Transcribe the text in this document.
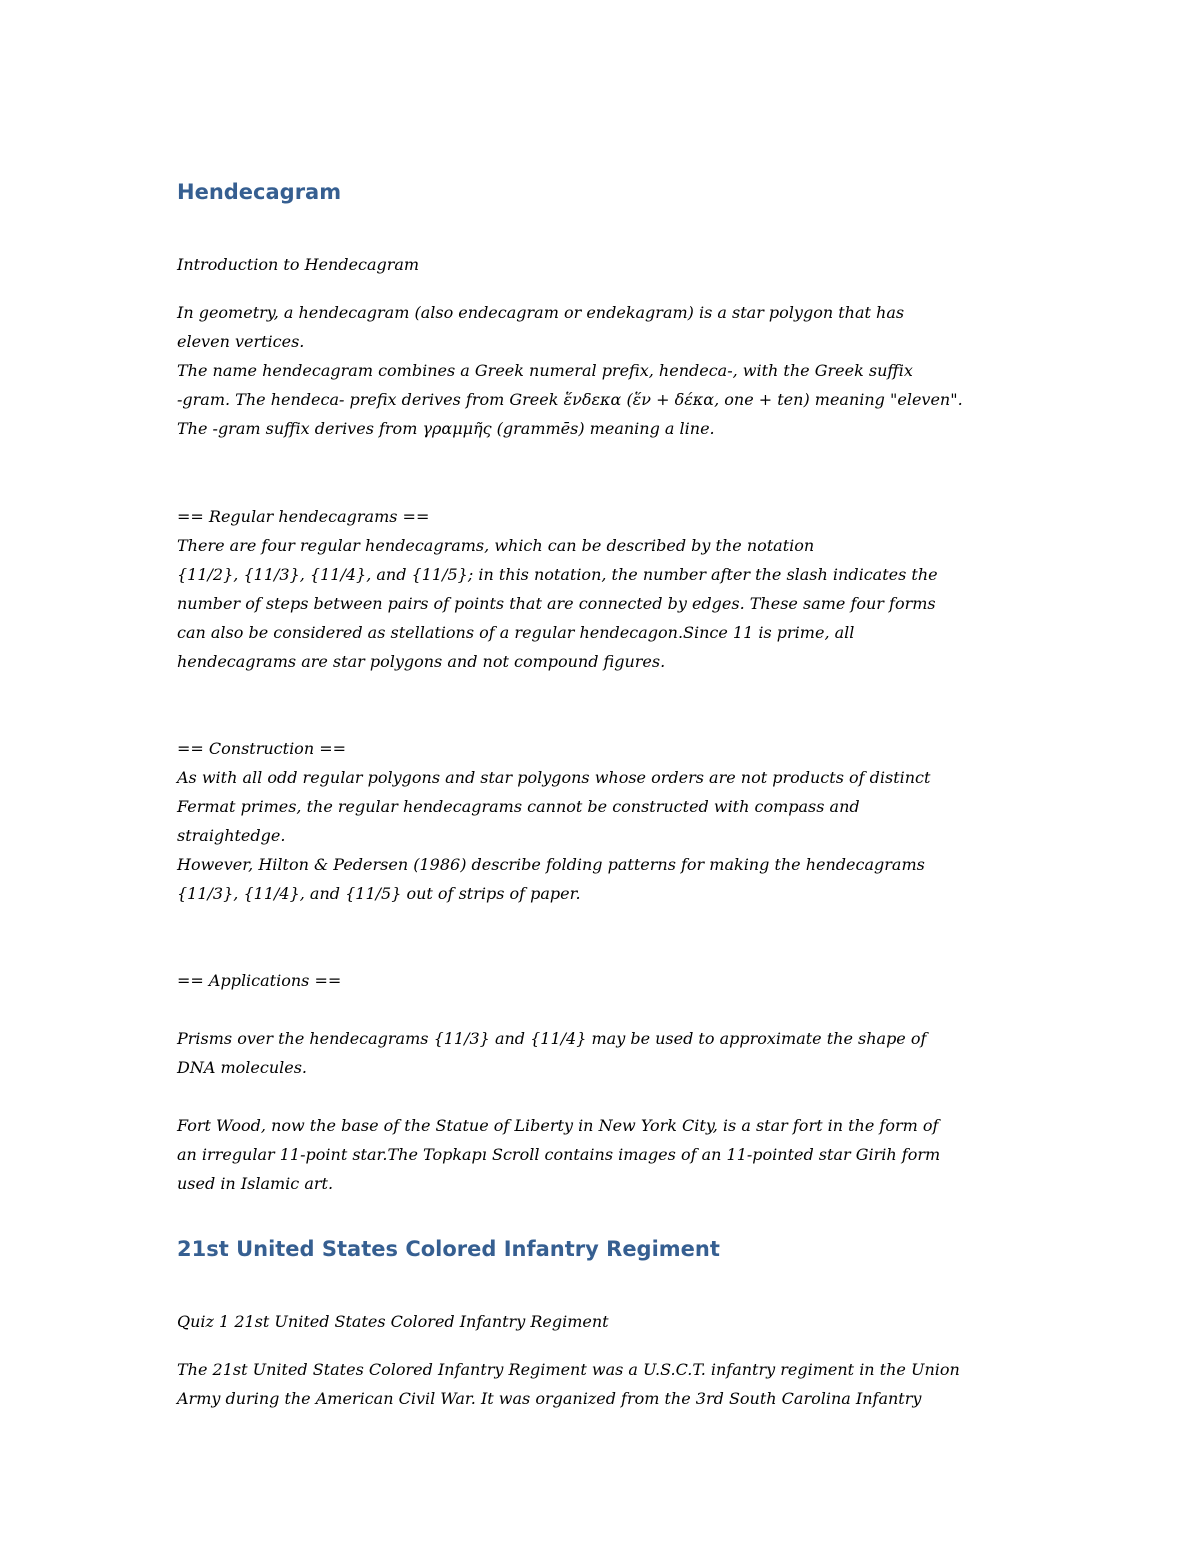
Hendecagram

Introduction to Hendecagram

In geometry, a hendecagram (also endecagram or endekagram) is a star polygon that has

eleven vertices.

The name hendecagram combines a Greek numeral prefix, hendeca-, with the Greek suffix

-gram. The hendeca- prefix derives from Greek ἕνδεκα (ἕν + δέκα, one + ten) meaning "eleven".

The -gram suffix derives from γραμμῆς (grammēs) meaning a line.

== Regular hendecagrams ==

There are four regular hendecagrams, which can be described by the notation

{11/2}, {11/3}, {11/4}, and {11/5}; in this notation, the number after the slash indicates the

number of steps between pairs of points that are connected by edges. These same four forms

can also be considered as stellations of a regular hendecagon.Since 11 is prime, all

hendecagrams are star polygons and not compound figures.

== Construction ==

As with all odd regular polygons and star polygons whose orders are not products of distinct

Fermat primes, the regular hendecagrams cannot be constructed with compass and

straightedge.

However, Hilton & Pedersen (1986) describe folding patterns for making the hendecagrams

{11/3}, {11/4}, and {11/5} out of strips of paper.

== Applications ==

Prisms over the hendecagrams {11/3} and {11/4} may be used to approximate the shape of

DNA molecules.

Fort Wood, now the base of the Statue of Liberty in New York City, is a star fort in the form of

an irregular 11-point star.The Topkapı Scroll contains images of an 11-pointed star Girih form

used in Islamic art.

21st United States Colored Infantry Regiment

Quiz 1 21st United States Colored Infantry Regiment

The 21st United States Colored Infantry Regiment was a U.S.C.T. infantry regiment in the Union

Army during the American Civil War. It was organized from the 3rd South Carolina Infantry
